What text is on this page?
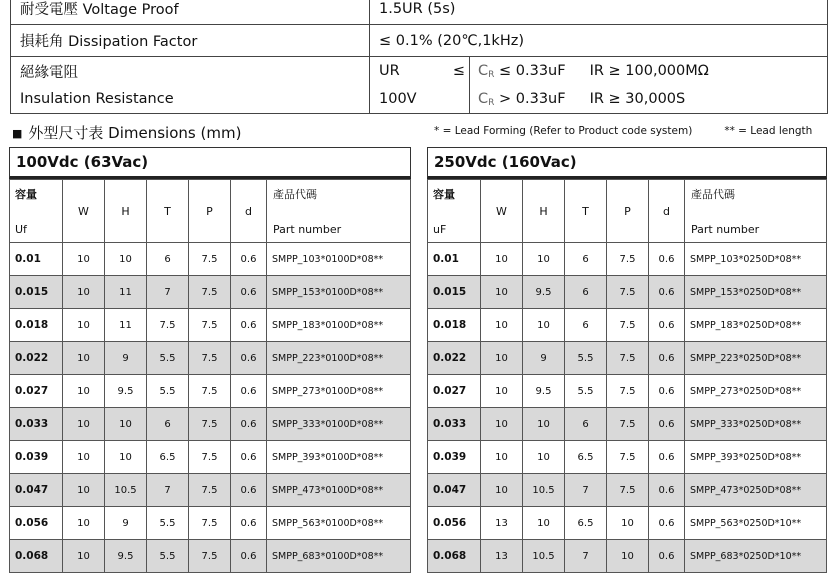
耐受電壓 Voltage Proof	1.5UR (5s)
損耗角 Dissipation Factor	≤ 0.1% (20℃,1kHz)
絕緣電阻	UR ≤ $C_R \le 0.33uF$ IR ≥ 100,000MΩ

Insulation Resistance	100V $C_R > 0.33uF$ IR ≥ 30,000S
■ 外型尺寸表 Dimensions (mm)	* = Lead Forming (Refer to Product code system)	** = Lead length
100Vdc (63Vac)
容量
Uf	W	H	T	P	d	產品代碼
Part number

0.01	10	10	6	7.5	0.6	SMPP_103*0100D*08**
0.015	10	11	7	7.5	0.6	SMPP_153*0100D*08**
0.018	10	11	7.5	7.5	0.6	SMPP_183*0100D*08**
0.022	10	9	5.5	7.5	0.6	SMPP_223*0100D*08**
0.027	10	9.5	5.5	7.5	0.6	SMPP_273*0100D*08**
0.033	10	10	6	7.5	0.6	SMPP_333*0100D*08**
0.039	10	10	6.5	7.5	0.6	SMPP_393*0100D*08**
0.047	10	10.5	7	7.5	0.6	SMPP_473*0100D*08**
0.056	10	9	5.5	7.5	0.6	SMPP_563*0100D*08**
0.068	10	9.5	5.5	7.5	0.6	SMPP_683*0100D*08**
250Vdc (160Vac)
容量
uF	W	H	T	P	d	產品代碼
Part number

0.01	10	10	6	7.5	0.6	SMPP_103*0250D*08**
0.015	10	9.5	6	7.5	0.6	SMPP_153*0250D*08**
0.018	10	10	6	7.5	0.6	SMPP_183*0250D*08**
0.022	10	9	5.5	7.5	0.6	SMPP_223*0250D*08**
0.027	10	9.5	5.5	7.5	0.6	SMPP_273*0250D*08**
0.033	10	10	6	7.5	0.6	SMPP_333*0250D*08**
0.039	10	10	6.5	7.5	0.6	SMPP_393*0250D*08**
0.047	10	10.5	7	7.5	0.6	SMPP_473*0250D*08**
0.056	13	10	6.5	10	0.6	SMPP_563*0250D*10**
0.068	13	10.5	7	10	0.6	SMPP_683*0250D*10**
